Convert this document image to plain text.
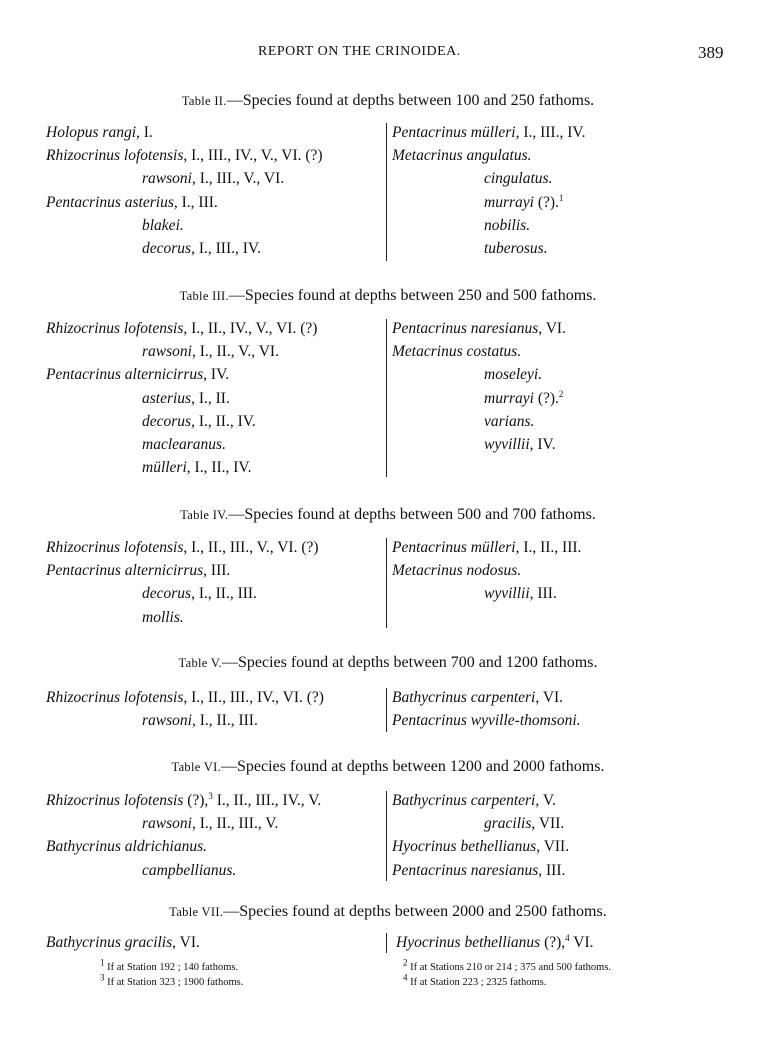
REPORT ON THE CRINOIDEA.	389
Table II.—Species found at depths between 100 and 250 fathoms.
Holopus rangi, I.
Rhizocrinus lofotensis, I., III., IV., V., VI. (?)
rawsoni, I., III., V., VI.
Pentacrinus asterius, I., III.
blakei.
decorus, I., III., IV.
Pentacrinus mülleri, I., III., IV.
Metacrinus angulatus.
cingulatus.
murrayi (?).$^1$
nobilis.
tuberosus.
Table III.—Species found at depths between 250 and 500 fathoms.
Rhizocrinus lofotensis, I., II., IV., V., VI. (?)
rawsoni, I., II., V., VI.
Pentacrinus alternicirrus, IV.
asterius, I., II.
decorus, I., II., IV.
maclearanus.
mülleri, I., II., IV.
Pentacrinus naresianus, VI.
Metacrinus costatus.
moseleyi.
murrayi (?).$^2$
varians.
wyvillii, IV.
Table IV.—Species found at depths between 500 and 700 fathoms.
Rhizocrinus lofotensis, I., II., III., V., VI. (?)
Pentacrinus alternicirrus, III.
decorus, I., II., III.
mollis.
Pentacrinus mülleri, I., II., III.
Metacrinus nodosus.
wyvillii, III.
Table V.—Species found at depths between 700 and 1200 fathoms.
Rhizocrinus lofotensis, I., II., III., IV., VI. (?)
rawsoni, I., II., III.
Bathycrinus carpenteri, VI.
Pentacrinus wyville-thomsoni.
Table VI.—Species found at depths between 1200 and 2000 fathoms.
Rhizocrinus lofotensis (?),$^3$ I., II., III., IV., V.
rawsoni, I., II., III., V.
Bathycrinus aldrichianus.
campbellianus.
Bathycrinus carpenteri, V.
gracilis, VII.
Hyocrinus bethellianus, VII.
Pentacrinus naresianus, III.
Table VII.—Species found at depths between 2000 and 2500 fathoms.
Bathycrinus gracilis, VI.	Hyocrinus bethellianus (?),$^4$ VI.
$^1$ If at Station 192 ; 140 fathoms.
$^3$ If at Station 323 ; 1900 fathoms.
$^2$ If at Stations 210 or 214 ; 375 and 500 fathoms.
$^4$ If at Station 223 ; 2325 fathoms.
